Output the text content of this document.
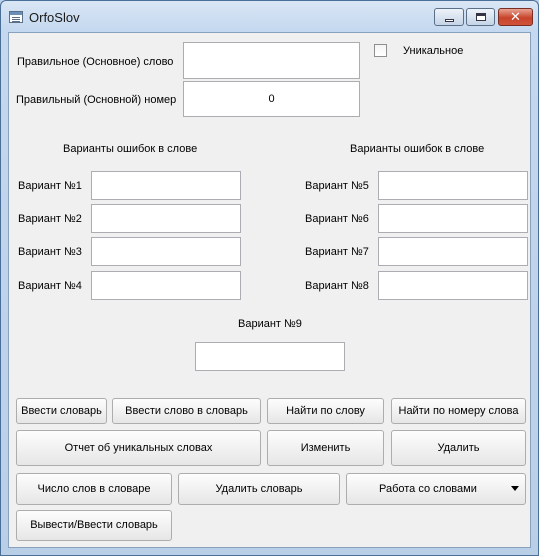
OrfoSlov	✕
Правильное (Основное) слово
Уникальное
Правильный (Основной) номер	0
Варианты ошибок в слове	Варианты ошибок в слове
Вариант №1
Вариант №2
Вариант №3
Вариант №4
Вариант №5
Вариант №6
Вариант №7
Вариант №8
Вариант №9
Ввести словарь	Ввести слово в словарь	Найти по слову	Найти по номеру слова
Отчет об уникальных словах	Изменить	Удалить
Число слов в словаре	Удалить словарь	Работа со словами
Вывести/Ввести словарь
